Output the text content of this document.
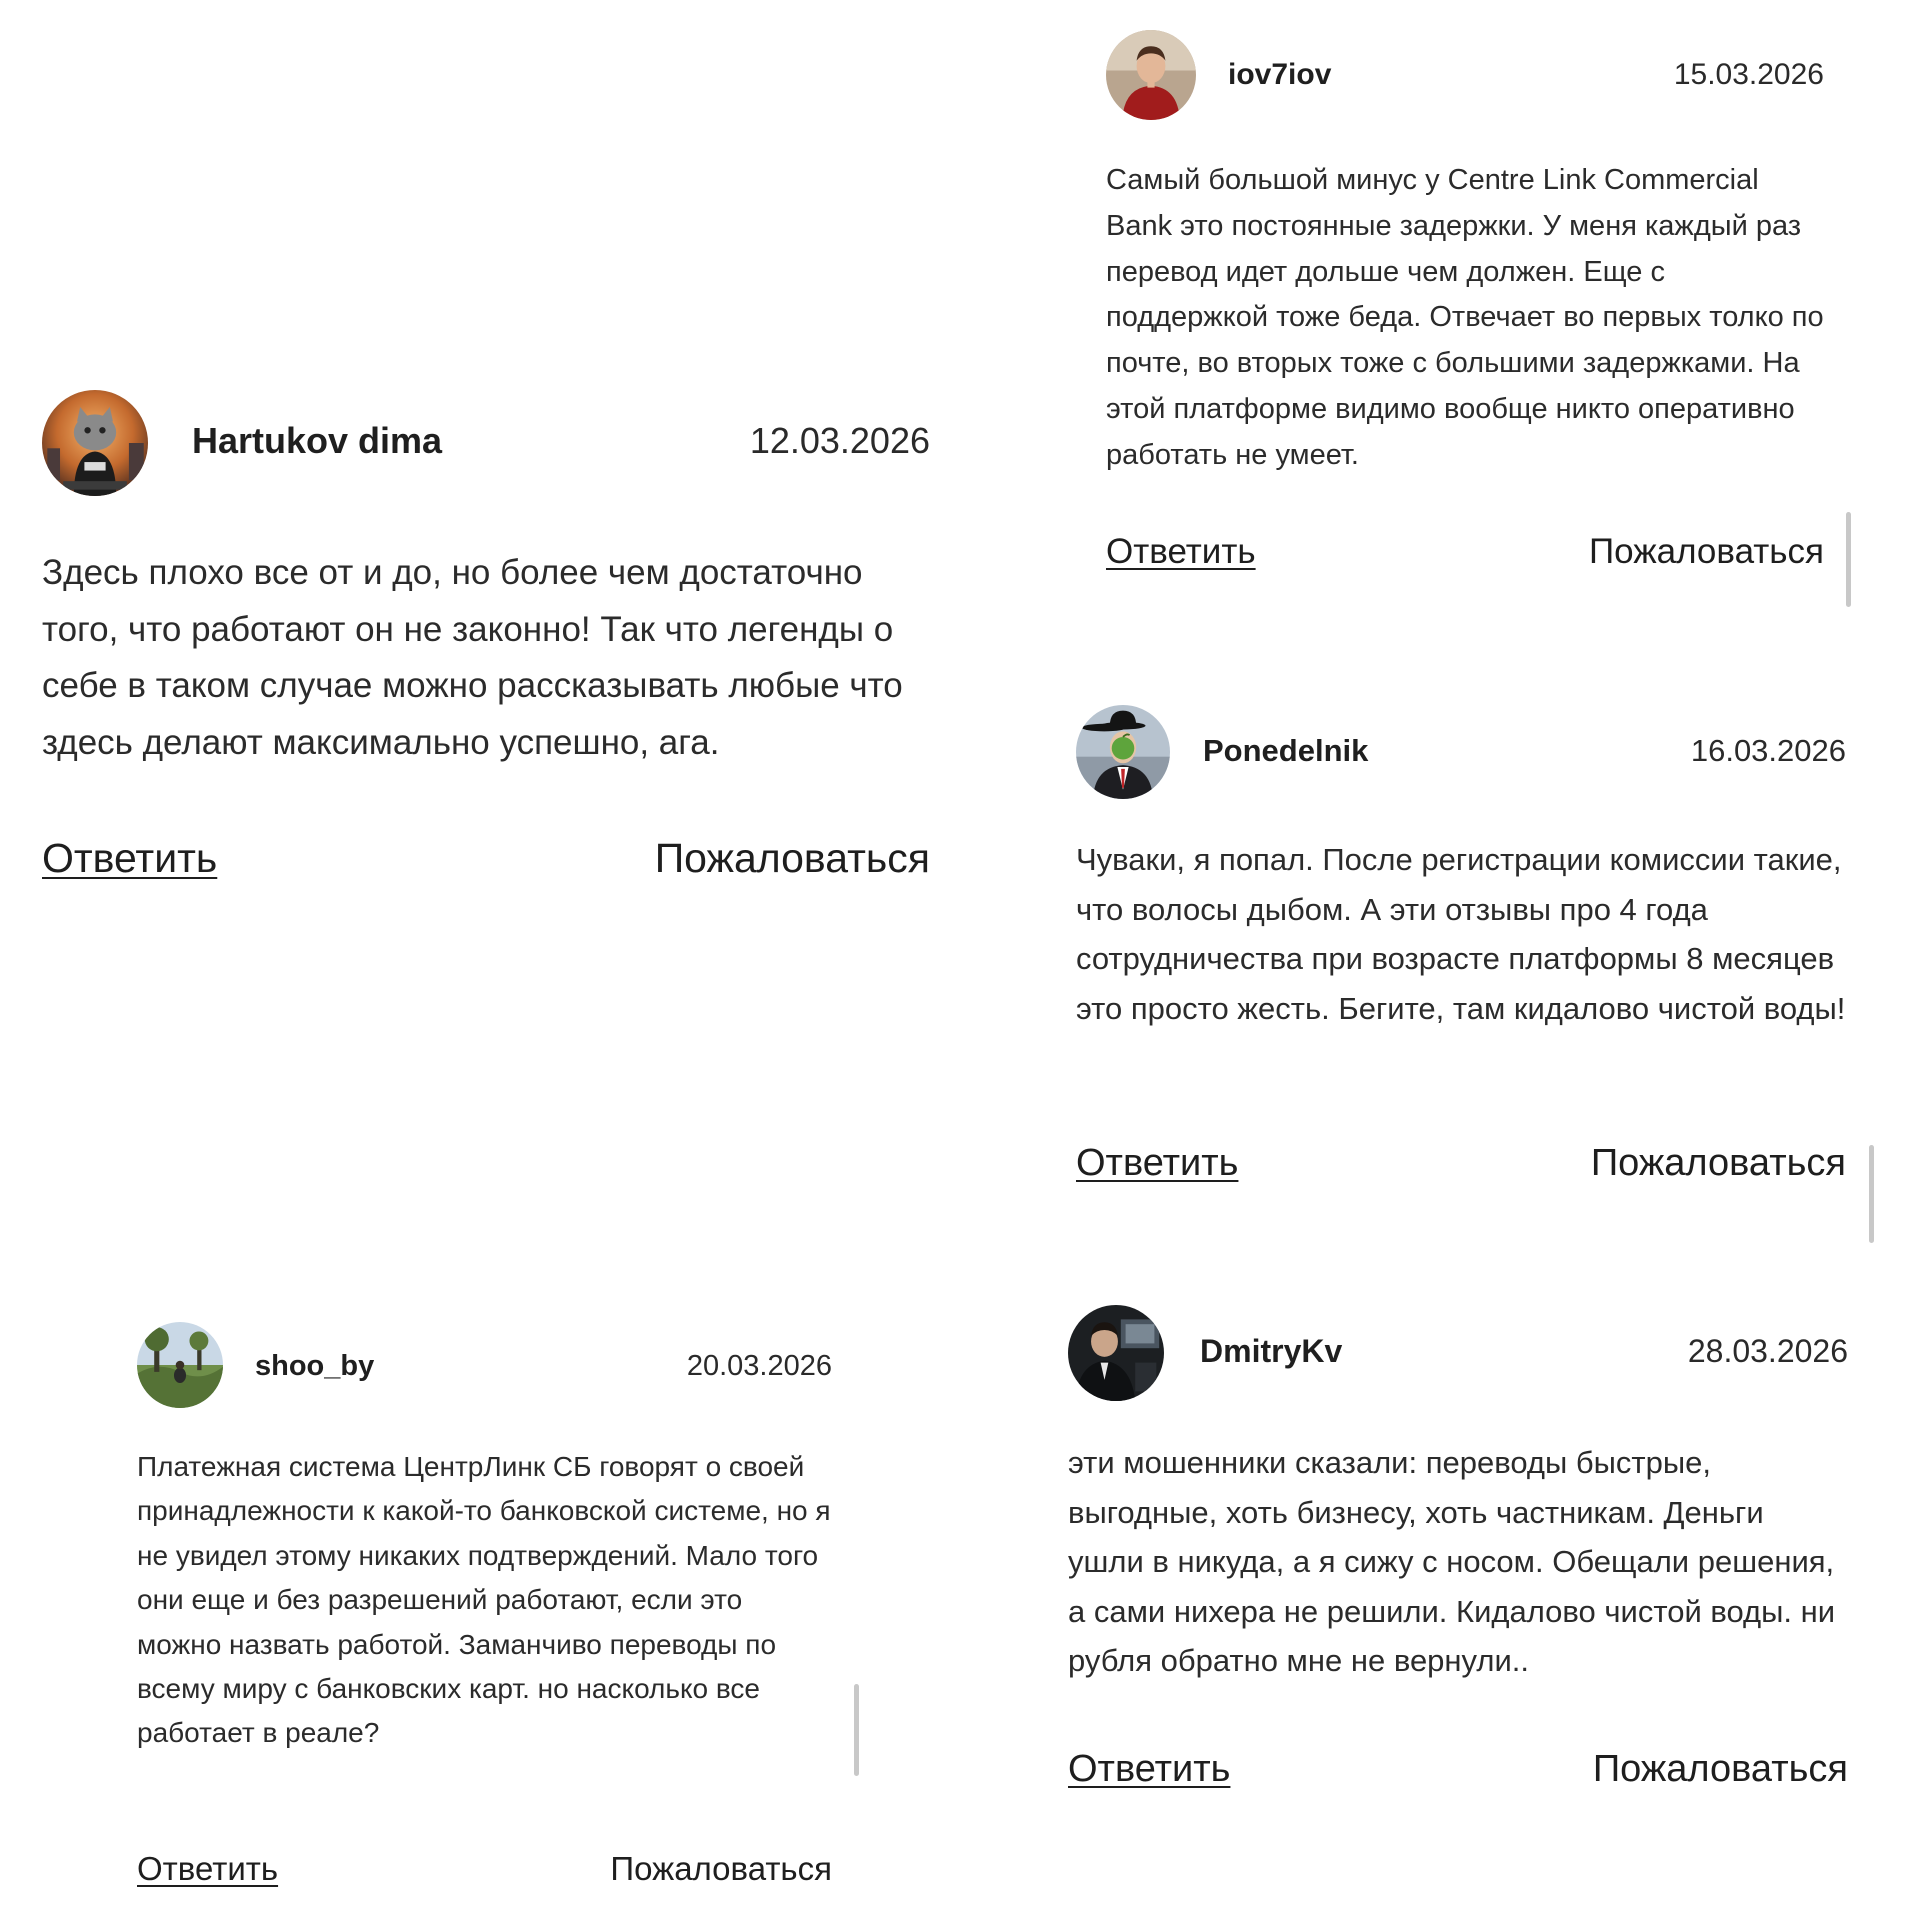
Hartukov dima	12.03.2026

Здесь плохо все от и до, но более чем достаточно того, что работают он не законно! Так что легенды о себе в таком случае можно рассказывать любые что здесь делают максимально успешно, ага.

Ответить	Пожаловаться
iov7iov	15.03.2026

Самый большой минус у Centre Link Commercial Bank это постоянные задержки. У меня каждый раз перевод идет дольше чем должен. Еще с поддержкой тоже беда. Отвечает во первых толко по почте, во вторых тоже с большими задержками. На этой платформе видимо вообще никто оперативно работать не умеет.

Ответить	Пожаловаться
Ponedelnik	16.03.2026

Чуваки, я попал. После регистрации комиссии такие, что волосы дыбом. А эти отзывы про 4 года сотрудничества при возрасте платформы 8 месяцев это просто жесть. Бегите, там кидалово чистой воды!

Ответить	Пожаловаться
shoo_by	20.03.2026

Платежная система ЦентрЛинк СБ говорят о своей принадлежности к какой-то банковской системе, но я не увидел этому никаких подтверждений. Мало того они еще и без разрешений работают, если это можно назвать работой. Заманчиво переводы по всему миру с банковских карт. но насколько все работает в реале?

Ответить	Пожаловаться
DmitryKv	28.03.2026

эти мошенники сказали: переводы быстрые, выгодные, хоть бизнесу, хоть частникам. Деньги ушли в никуда, а я сижу с носом. Обещали решения, а сами нихера не решили. Кидалово чистой воды. ни рубля обратно мне не вернули..

Ответить	Пожаловаться
